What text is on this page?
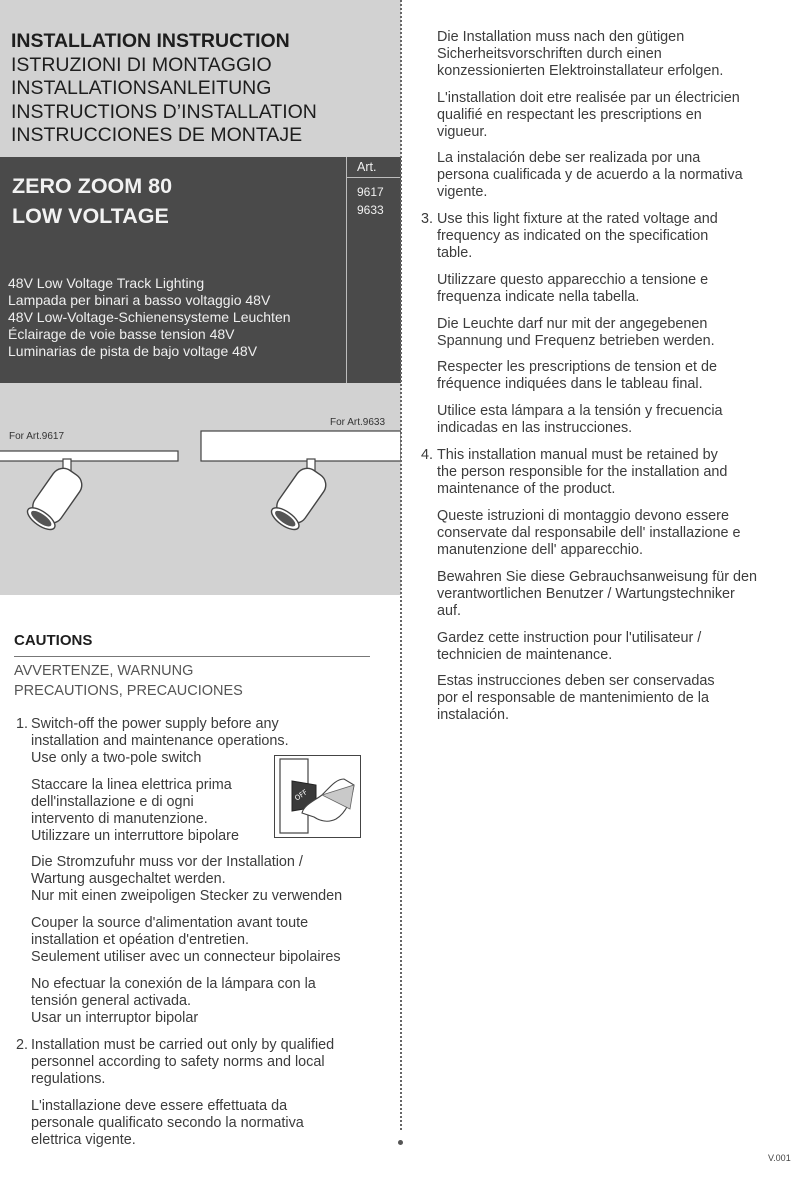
INSTALLATION INSTRUCTION
ISTRUZIONI DI MONTAGGIO
INSTALLATIONSANLEITUNG
INSTRUCTIONS D’INSTALLATION
INSTRUCCIONES DE MONTAJE
Art.
9617
9633
ZERO ZOOM 80
LOW VOLTAGE
48V Low Voltage Track Lighting
Lampada per binari a basso voltaggio 48V
48V Low-Voltage-Schienensysteme Leuchten
Éclairage de voie basse tension 48V
Luminarias de pista de bajo voltage 48V
For Art.9617
For Art.9633
CAUTIONS
AVVERTENZE, WARNUNG
PRECAUTIONS, PRECAUCIONES
1. Switch-off the power supply before any
installation and maintenance operations.
Use only a two-pole switch
Staccare la linea elettrica prima
dell'installazione e di ogni
intervento di manutenzione.
Utilizzare un interruttore bipolare
OFF
Die Stromzufuhr muss vor der Installation /
Wartung ausgechaltet werden.
Nur mit einen zweipoligen Stecker zu verwenden
Couper la source d'alimentation avant toute
installation et opéation d'entretien.
Seulement utiliser avec un connecteur bipolaires
No efectuar la conexión de la lámpara con la
tensión general activada.
Usar un interruptor bipolar
2. Installation must be carried out only by qualified
personnel according to safety norms and local
regulations.
L'installazione deve essere effettuata da
personale qualificato secondo la normativa
elettrica vigente.
Die Installation muss nach den gütigen
Sicherheitsvorschriften durch einen
konzessionierten Elektroinstallateur erfolgen.
L'installation doit etre realisée par un électricien
qualifié en respectant les prescriptions en
vigueur.
La instalación debe ser realizada por una
persona cualificada y de acuerdo a la normativa
vigente.
3. Use this light fixture at the rated voltage and
frequency as indicated on the specification
table.
Utilizzare questo apparecchio a tensione e
frequenza indicate nella tabella.
Die Leuchte darf nur mit der angegebenen
Spannung und Frequenz betrieben werden.
Respecter les prescriptions de tension et de
fréquence indiquées dans le tableau final.
Utilice esta lámpara a la tensión y frecuencia
indicadas en las instrucciones.
4. This installation manual must be retained by
the person responsible for the installation and
maintenance of the product.
Queste istruzioni di montaggio devono essere
conservate dal responsabile dell' installazione e
manutenzione dell' apparecchio.
Bewahren Sie diese Gebrauchsanweisung für den
verantwortlichen Benutzer / Wartungstechniker
auf.
Gardez cette instruction pour l'utilisateur /
technicien de maintenance.
Estas instrucciones deben ser conservadas
por el responsable de mantenimiento de la
instalación.
V.001
